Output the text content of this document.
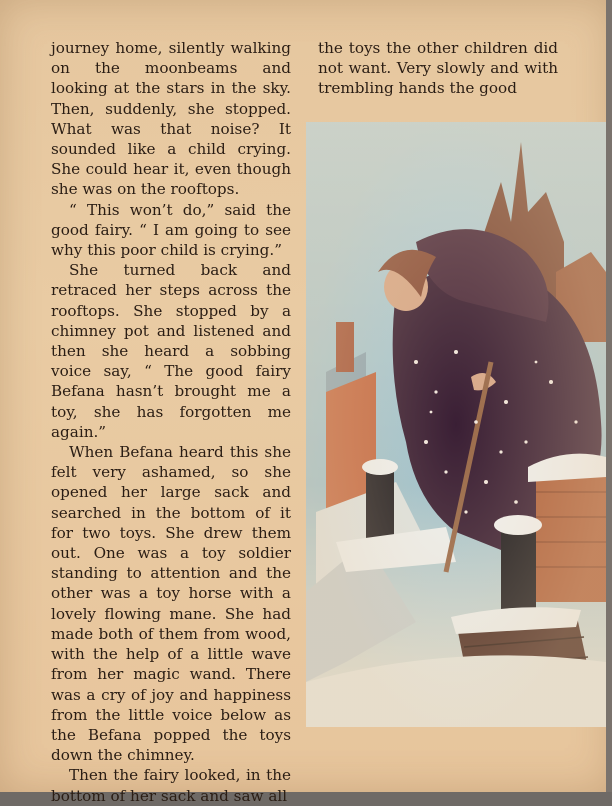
journey home, silently walking on the moonbeams and looking at the stars in the sky. Then, suddenly, she stopped. What was that noise? It sounded like a child crying. She could hear it, even though she was on the rooftops.

“ This won’t do,” said the good fairy. “ I am going to see why this poor child is crying.”

She turned back and retraced her steps across the rooftops. She stopped by a chimney pot and listened and then she heard a sobbing voice say, “ The good fairy Befana hasn’t brought me a toy, she has forgotten me again.”

When Befana heard this she felt very ashamed, so she opened her large sack and searched in the bottom of it for two toys. She drew them out. One was a toy soldier standing to attention and the other was a toy horse with a lovely flowing mane. She had made both of them from wood, with the help of a little wave from her magic wand. There was a cry of joy and happiness from the little voice below as the Befana popped the toys down the chimney.

Then the fairy looked, in the bottom of her sack and saw all

the toys the other children did not want. Very slowly and with trembling hands the good
